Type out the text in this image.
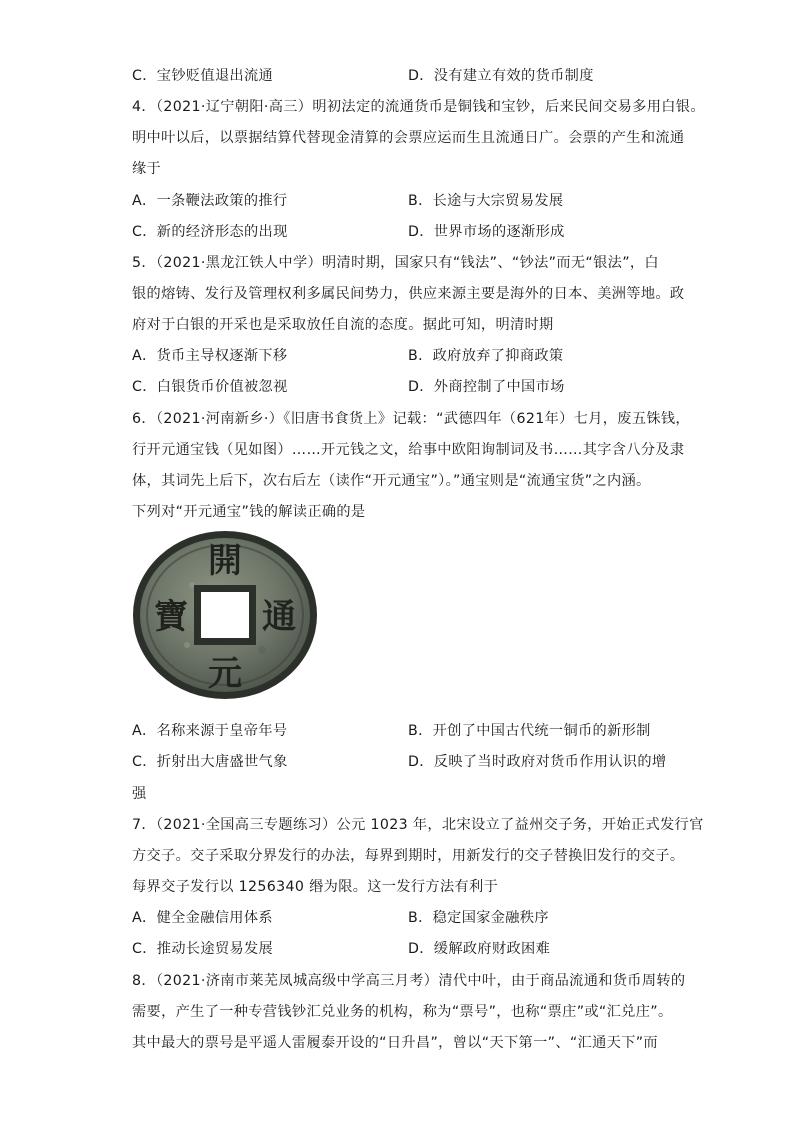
C．宝钞贬值退出流通	D．没有建立有效的货币制度
4．（2021·辽宁朝阳·高三）明初法定的流通货币是铜钱和宝钞，后来民间交易多用白银。
明中叶以后，以票据结算代替现金清算的会票应运而生且流通日广。会票的产生和流通
缘于
A．一条鞭法政策的推行	B．长途与大宗贸易发展
C．新的经济形态的出现	D．世界市场的逐渐形成
5．（2021·黑龙江铁人中学）明清时期，国家只有“钱法”、“钞法”而无“银法”，白
银的熔铸、发行及管理权利多属民间势力，供应来源主要是海外的日本、美洲等地。政
府对于白银的开采也是采取放任自流的态度。据此可知，明清时期
A．货币主导权逐渐下移	B．政府放弃了抑商政策
C．白银货币价值被忽视	D．外商控制了中国市场
6．（2021·河南新乡·）《旧唐书食货上》记载：“武德四年（621年）七月，废五铢钱，
行开元通宝钱（见如图）……开元钱之文，给事中欧阳询制词及书……其字含八分及隶
体，其词先上后下，次右后左（读作“开元通宝”）。”通宝则是“流通宝货”之内涵。
下列对“开元通宝”钱的解读正确的是
開
元
通
寶
A．名称来源于皇帝年号	B．开创了中国古代统一铜币的新形制
C．折射出大唐盛世气象	D．反映了当时政府对货币作用认识的增
强
7．（2021·全国高三专题练习）公元 1023 年，北宋设立了益州交子务，开始正式发行官
方交子。交子采取分界发行的办法，每界到期时，用新发行的交子替换旧发行的交子。
每界交子发行以 1256340 缗为限。这一发行方法有利于
A．健全金融信用体系	B．稳定国家金融秩序
C．推动长途贸易发展	D．缓解政府财政困难
8．（2021·济南市莱芜凤城高级中学高三月考）清代中叶，由于商品流通和货币周转的
需要，产生了一种专营钱钞汇兑业务的机构，称为“票号”，也称“票庄”或“汇兑庄”。
其中最大的票号是平遥人雷履泰开设的“日升昌”，曾以“天下第一”、“汇通天下”而
